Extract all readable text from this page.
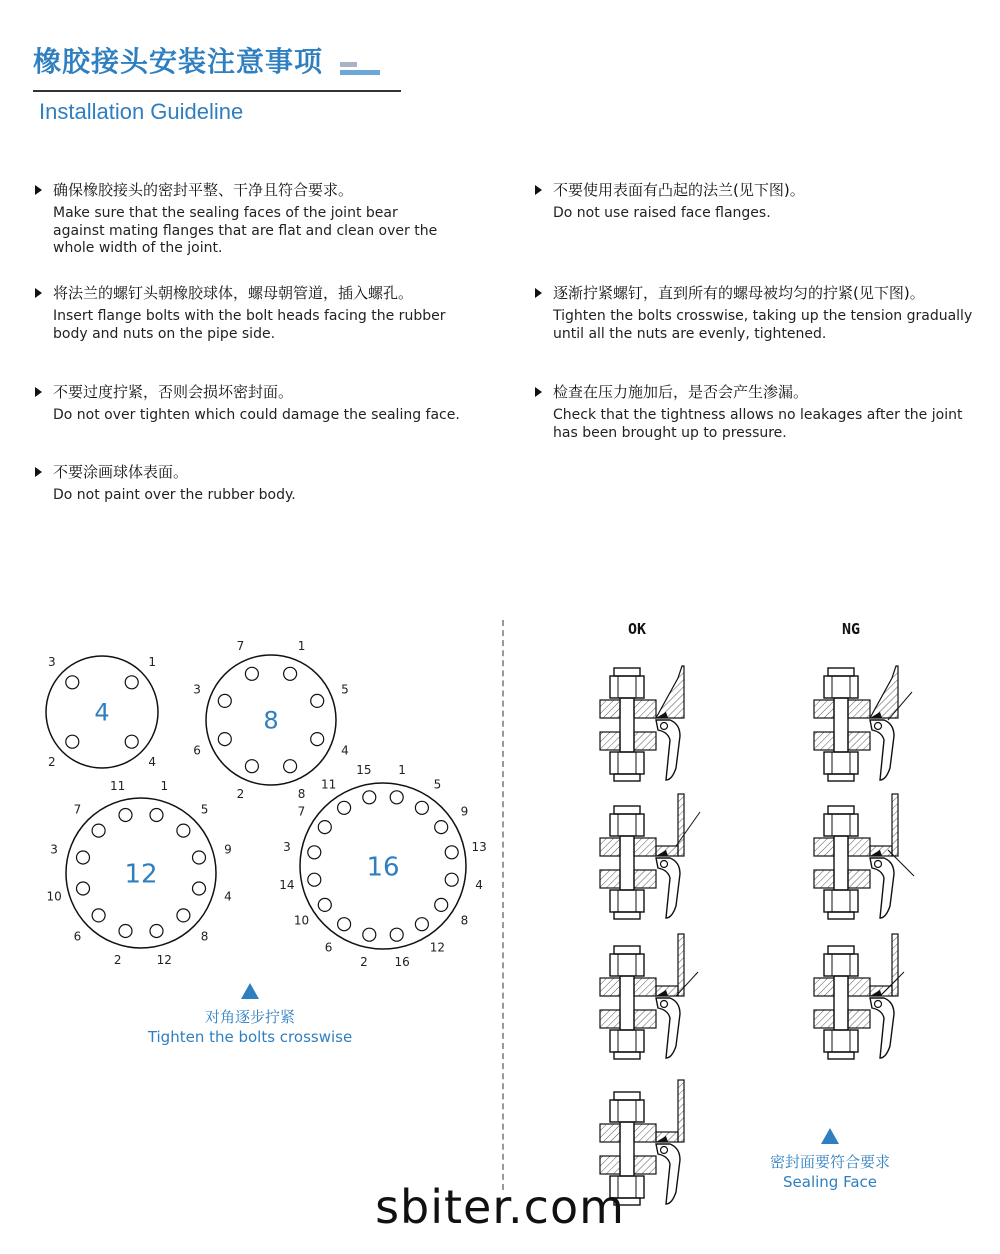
橡胶接头安装注意事项
Installation Guideline
确保橡胶接头的密封平整、干净且符合要求。
Make sure that the sealing faces of the joint bear against mating flanges that are flat and clean over the whole width of the joint.
将法兰的螺钉头朝橡胶球体，螺母朝管道，插入螺孔。
Insert flange bolts with the bolt heads facing the rubber body and nuts on the pipe side.
不要过度拧紧，否则会损坏密封面。
Do not over tighten which could damage the sealing face.
不要涂画球体表面。
Do not paint over the rubber body.
不要使用表面有凸起的法兰(见下图)。
Do not use raised face flanges.
逐渐拧紧螺钉，直到所有的螺母被均匀的拧紧(见下图)。
Tighten the bolts crosswise, taking up the tension gradually until all the nuts are evenly, tightened.
检查在压力施加后，是否会产生渗漏。
Check that the tightness allows no leakages after the joint has been brought up to pressure.
1
4
2
3
4
1
5
4
8
2
6
3
7
8
1
5
9
4
8
12
2
6
10
3
7
11
12
1
5
9
13
4
8
12
16
2
6
10
14
3
7
11
15
16
对角逐步拧紧
Tighten the bolts crosswise
OK	NG
密封面要符合要求
Sealing Face
sbiter.com
